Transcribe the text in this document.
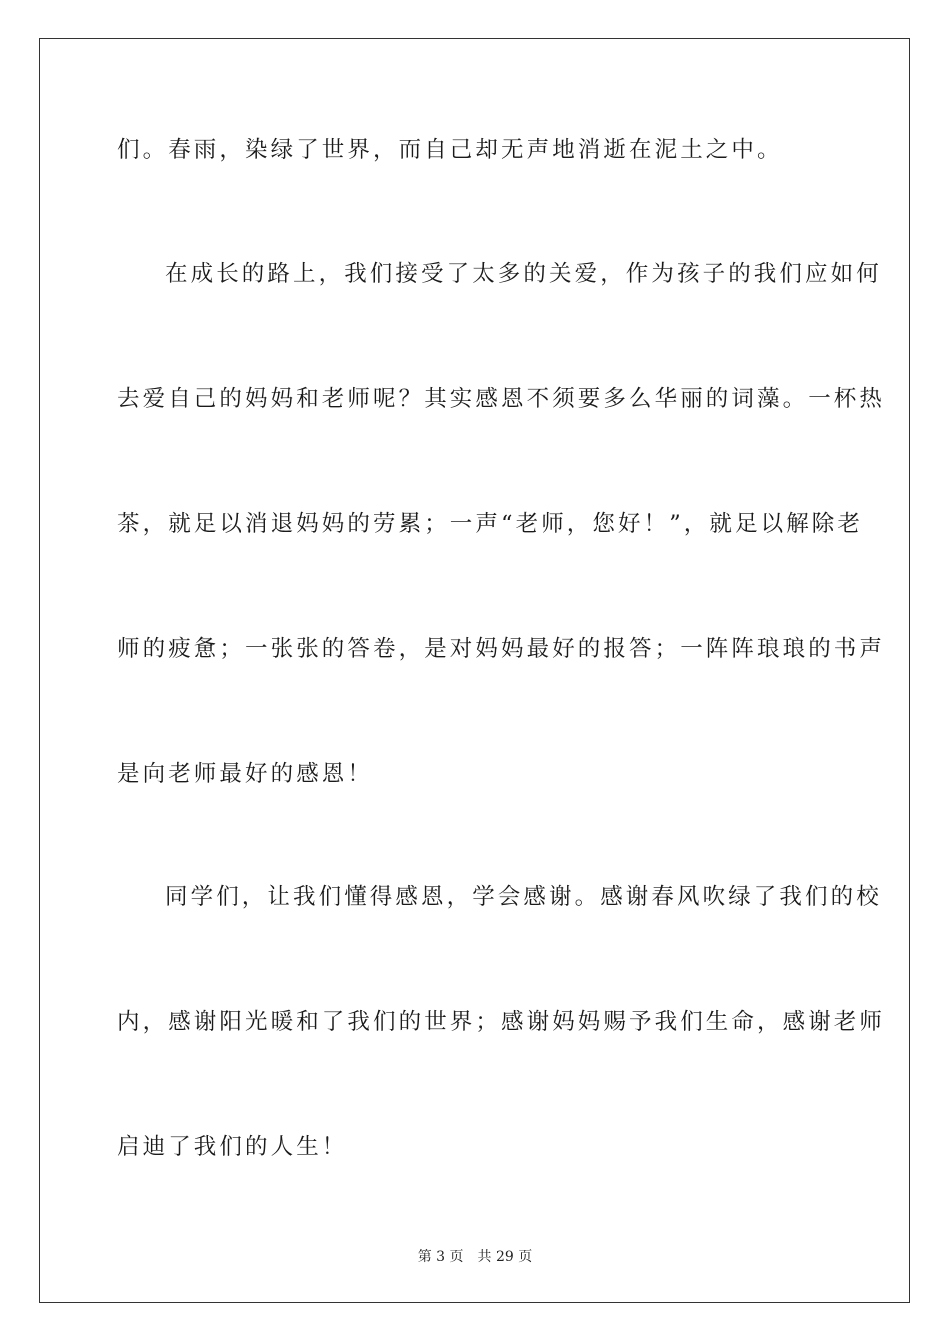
们。春雨，染绿了世界，而自己却无声地消逝在泥土之中。
在成长的路上，我们接受了太多的关爱，作为孩子的我们应如何
去爱自己的妈妈和老师呢？其实感恩不须要多么华丽的词藻。一杯热
茶，就足以消退妈妈的劳累；一声“老师，您好！”，就足以解除老
师的疲惫；一张张的答卷，是对妈妈最好的报答；一阵阵琅琅的书声
是向老师最好的感恩！
同学们，让我们懂得感恩，学会感谢。感谢春风吹绿了我们的校
内，感谢阳光暖和了我们的世界；感谢妈妈赐予我们生命，感谢老师
启迪了我们的人生！
第 3 页 共 29 页
